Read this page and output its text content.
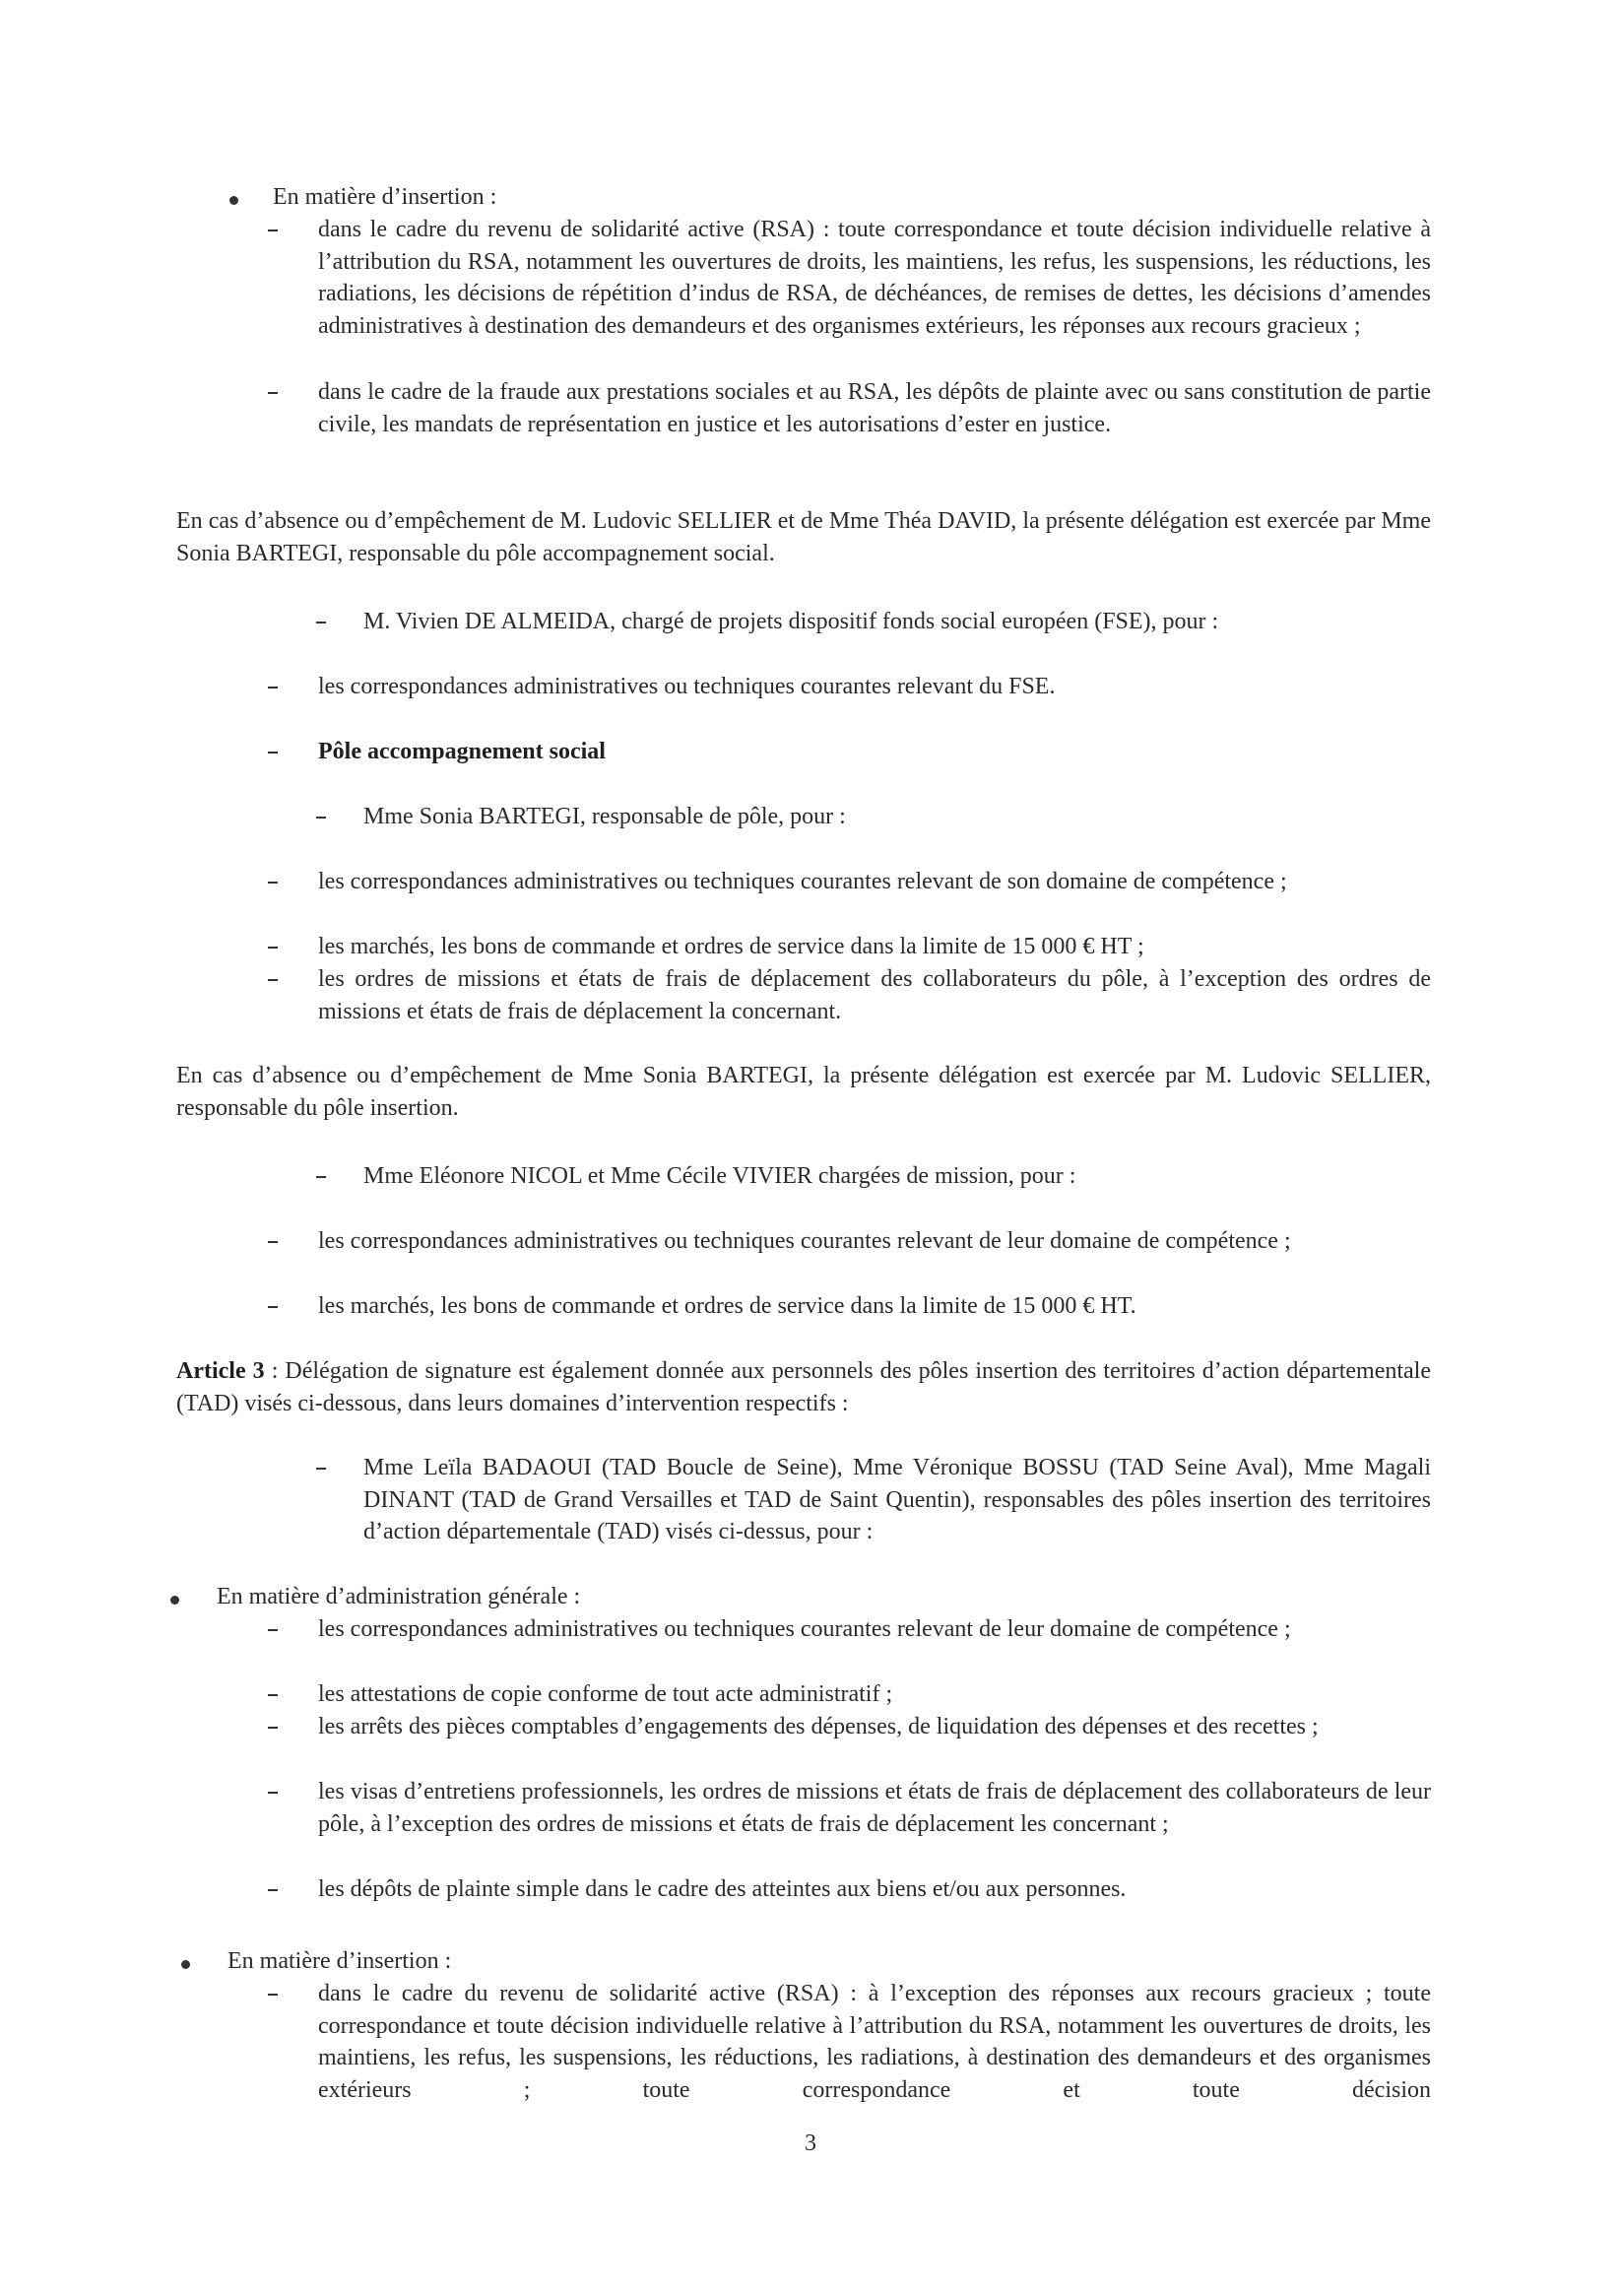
En matière d’insertion :
dans le cadre du revenu de solidarité active (RSA) : toute correspondance et toute décision individuelle relative à l’attribution du RSA, notamment les ouvertures de droits, les maintiens, les refus, les suspensions, les réductions, les radiations, les décisions de répétition d’indus de RSA, de déchéances, de remises de dettes, les décisions d’amendes administratives à destination des demandeurs et des organismes extérieurs, les réponses aux recours gracieux ;
dans le cadre de la fraude aux prestations sociales et au RSA, les dépôts de plainte avec ou sans constitution de partie civile, les mandats de représentation en justice et les autorisations d’ester en justice.
En cas d’absence ou d’empêchement de M. Ludovic SELLIER et de Mme Théa DAVID, la présente délégation est exercée par Mme Sonia BARTEGI, responsable du pôle accompagnement social.
M. Vivien DE ALMEIDA, chargé de projets dispositif fonds social européen (FSE), pour :
les correspondances administratives ou techniques courantes relevant du FSE.
Pôle accompagnement social
Mme Sonia BARTEGI, responsable de pôle, pour :
les correspondances administratives ou techniques courantes relevant de son domaine de compétence ;
les marchés, les bons de commande et ordres de service dans la limite de 15 000 € HT ;
les ordres de missions et états de frais de déplacement des collaborateurs du pôle, à l’exception des ordres de missions et états de frais de déplacement la concernant.
En cas d’absence ou d’empêchement de Mme Sonia BARTEGI, la présente délégation est exercée par M. Ludovic SELLIER, responsable du pôle insertion.
Mme Eléonore NICOL et Mme Cécile VIVIER chargées de mission, pour :
les correspondances administratives ou techniques courantes relevant de leur domaine de compétence ;
les marchés, les bons de commande et ordres de service dans la limite de 15 000 € HT.
Article 3 : Délégation de signature est également donnée aux personnels des pôles insertion des territoires d’action départementale (TAD) visés ci-dessous, dans leurs domaines d’intervention respectifs :
Mme Leïla BADAOUI (TAD Boucle de Seine), Mme Véronique BOSSU (TAD Seine Aval), Mme Magali DINANT (TAD de Grand Versailles et TAD de Saint Quentin), responsables des pôles insertion des territoires d’action départementale (TAD) visés ci-dessus, pour :
En matière d’administration générale :
les correspondances administratives ou techniques courantes relevant de leur domaine de compétence ;
les attestations de copie conforme de tout acte administratif ;
les arrêts des pièces comptables d’engagements des dépenses, de liquidation des dépenses et des recettes ;
les visas d’entretiens professionnels, les ordres de missions et états de frais de déplacement des collaborateurs de leur pôle, à l’exception des ordres de missions et états de frais de déplacement les concernant ;
les dépôts de plainte simple dans le cadre des atteintes aux biens et/ou aux personnes.
En matière d’insertion :
dans le cadre du revenu de solidarité active (RSA) : à l’exception des réponses aux recours gracieux ; toute correspondance et toute décision individuelle relative à l’attribution du RSA, notamment les ouvertures de droits, les maintiens, les refus, les suspensions, les réductions, les radiations, à destination des demandeurs et des organismes extérieurs ; toute correspondance et toute décision
3
